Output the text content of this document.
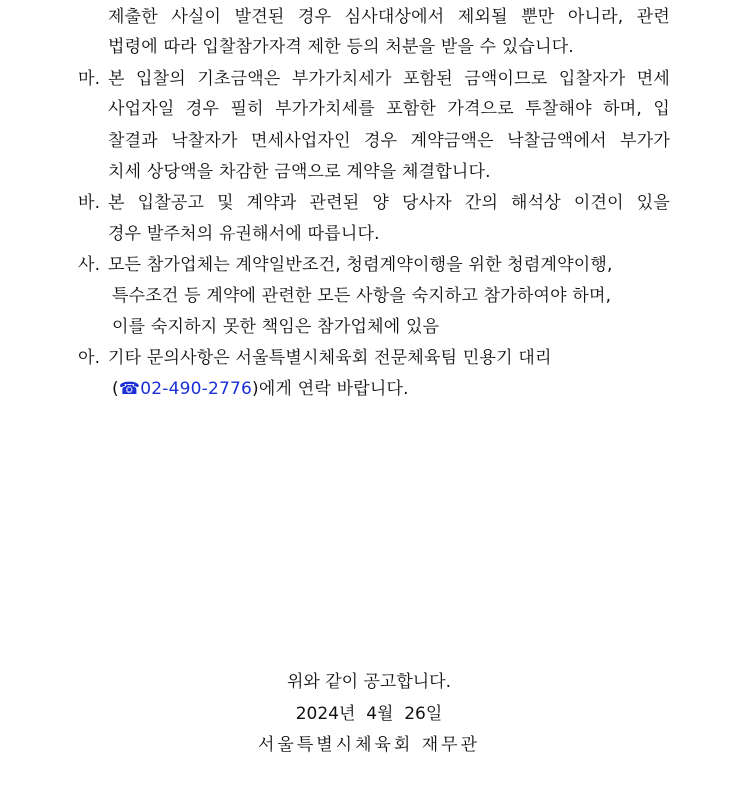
제출한 사실이 발견된 경우 심사대상에서 제외될 뿐만 아니라, 관련
법령에 따라 입찰참가자격 제한 등의 처분을 받을 수 있습니다.
마. 본 입찰의 기초금액은 부가가치세가 포함된 금액이므로 입찰자가 면세
사업자일 경우 필히 부가가치세를 포함한 가격으로 투찰해야 하며, 입
찰결과 낙찰자가 면세사업자인 경우 계약금액은 낙찰금액에서 부가가
치세 상당액을 차감한 금액으로 계약을 체결합니다.
바. 본 입찰공고 및 계약과 관련된 양 당사자 간의 해석상 이견이 있을
경우 발주처의 유권해서에 따릅니다.
사. 모든 참가업체는 계약일반조건, 청렴계약이행을 위한 청렴계약이행,
특수조건 등 계약에 관련한 모든 사항을 숙지하고 참가하여야 하며,
이를 숙지하지 못한 책임은 참가업체에 있음
아. 기타 문의사항은 서울특별시체육회 전문체육팀 민용기 대리
(☎02-490-2776)에게 연락 바랍니다.
위와 같이 공고합니다.
2024년  4월  26일
서울특별시체육회 재무관
